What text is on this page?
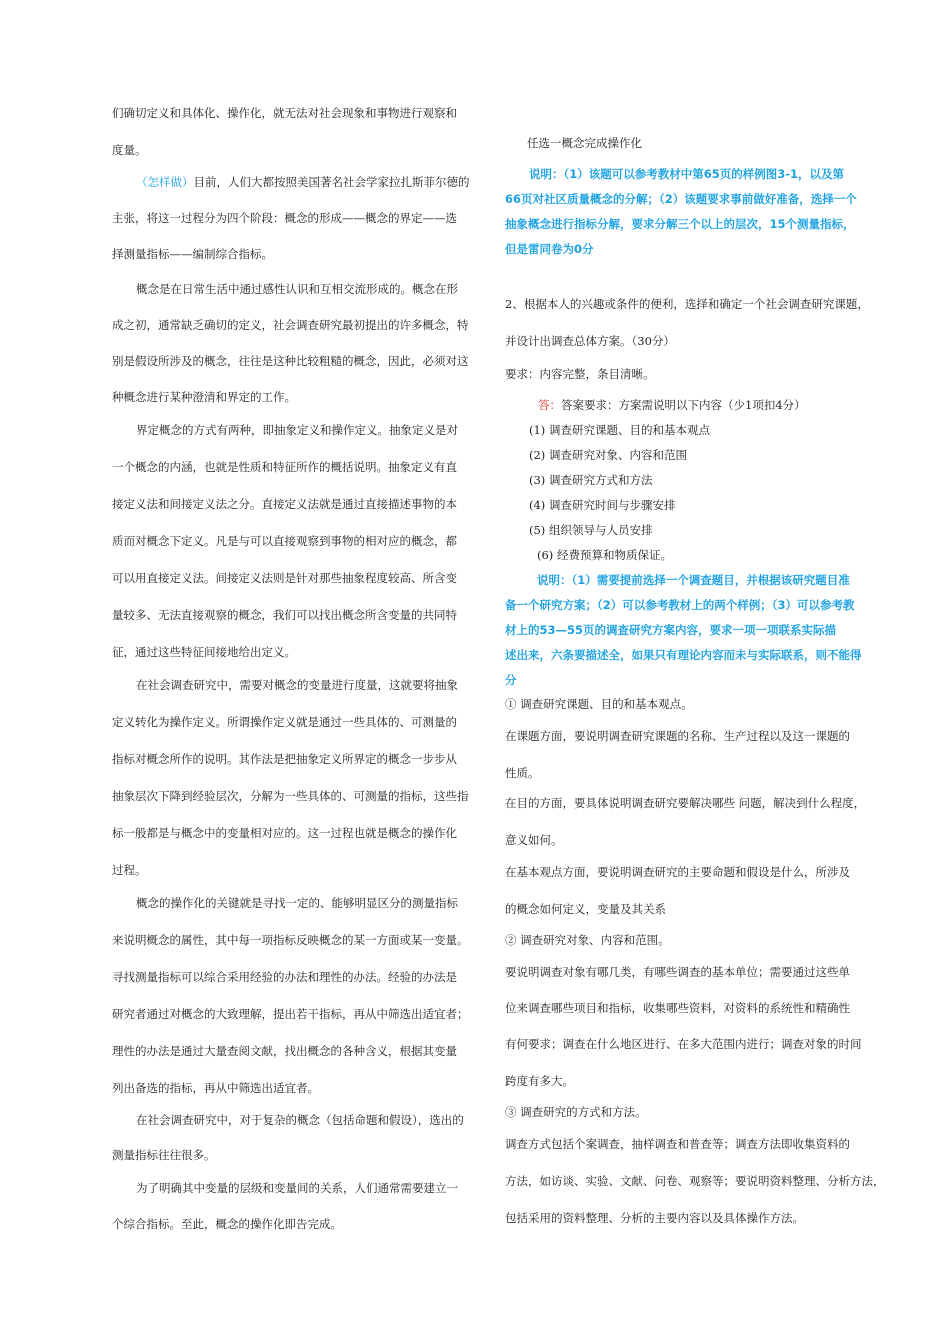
们确切定义和具体化、操作化，就无法对社会现象和事物进行观察和
度量。
（怎样做）目前，人们大都按照美国著名社会学家拉扎斯菲尔德的
主张，将这一过程分为四个阶段：概念的形成——概念的界定——选
择测量指标——编制综合指标。
概念是在日常生活中通过感性认识和互相交流形成的。概念在形
成之初，通常缺乏确切的定义，社会调查研究最初提出的许多概念，特
别是假设所涉及的概念，往往是这种比较粗糙的概念，因此，必须对这
种概念进行某种澄清和界定的工作。
界定概念的方式有两种，即抽象定义和操作定义。抽象定义是对
一个概念的内涵，也就是性质和特征所作的概括说明。抽象定义有直
接定义法和间接定义法之分。直接定义法就是通过直接描述事物的本
质而对概念下定义。凡是与可以直接观察到事物的相对应的概念，都
可以用直接定义法。间接定义法则是针对那些抽象程度较高、所含变
量较多、无法直接观察的概念，我们可以找出概念所含变量的共同特
征，通过这些特征间接地给出定义。
在社会调查研究中，需要对概念的变量进行度量，这就要将抽象
定义转化为操作定义。所谓操作定义就是通过一些具体的、可测量的
指标对概念所作的说明。其作法是把抽象定义所界定的概念一步步从
抽象层次下降到经验层次，分解为一些具体的、可测量的指标，这些指
标一般都是与概念中的变量相对应的。这一过程也就是概念的操作化
过程。
概念的操作化的关键就是寻找一定的、能够明显区分的测量指标
来说明概念的属性，其中每一项指标反映概念的某一方面或某一变量。
寻找测量指标可以综合采用经验的办法和理性的办法。经验的办法是
研究者通过对概念的大致理解，提出若干指标，再从中筛选出适宜者；
理性的办法是通过大量查阅文献，找出概念的各种含义，根据其变量
列出备选的指标，再从中筛选出适宜者。
在社会调查研究中，对于复杂的概念（包括命题和假设），选出的
测量指标往往很多。
为了明确其中变量的层级和变量间的关系，人们通常需要建立一
个综合指标。至此，概念的操作化即告完成。
任选一概念完成操作化
说明：（1）该题可以参考教材中第65页的样例图3-1，以及第
66页对社区质量概念的分解；（2）该题要求事前做好准备，选择一个
抽象概念进行指标分解，要求分解三个以上的层次，15个测量指标，
但是雷同卷为0分
2、根据本人的兴趣或条件的便利，选择和确定一个社会调查研究课题，
并设计出调查总体方案。（30分）
要求：内容完整，条目清晰。
答：答案要求：方案需说明以下内容（少1项扣4分）
(1) 调查研究课题、目的和基本观点
(2) 调查研究对象、内容和范围
(3) 调查研究方式和方法
(4) 调查研究时间与步骤安排
(5) 组织领导与人员安排
(6) 经费预算和物质保证。
说明：（1）需要提前选择一个调查题目，并根据该研究题目准
备一个研究方案；（2）可以参考教材上的两个样例；（3）可以参考教
材上的53—55页的调查研究方案内容，要求一项一项联系实际描
述出来，六条要描述全，如果只有理论内容而未与实际联系，则不能得
分
① 调查研究课题、目的和基本观点。
在课题方面，要说明调查研究课题的名称、生产过程以及这一课题的
性质。
在目的方面，要具体说明调查研究要解决哪些 问题，解决到什么程度，
意义如何。
在基本观点方面，要说明调查研究的主要命题和假设是什么，所涉及
的概念如何定义，变量及其关系
② 调查研究对象、内容和范围。
要说明调查对象有哪几类，有哪些调查的基本单位；需要通过这些单
位来调查哪些项目和指标，收集哪些资料，对资料的系统性和精确性
有何要求；调查在什么地区进行、在多大范围内进行；调查对象的时间
跨度有多大。
③ 调查研究的方式和方法。
调查方式包括个案调查，抽样调查和普查等；调查方法即收集资料的
方法，如访谈、实验、文献、问卷、观察等；要说明资料整理、分析方法，
包括采用的资料整理、分析的主要内容以及具体操作方法。
